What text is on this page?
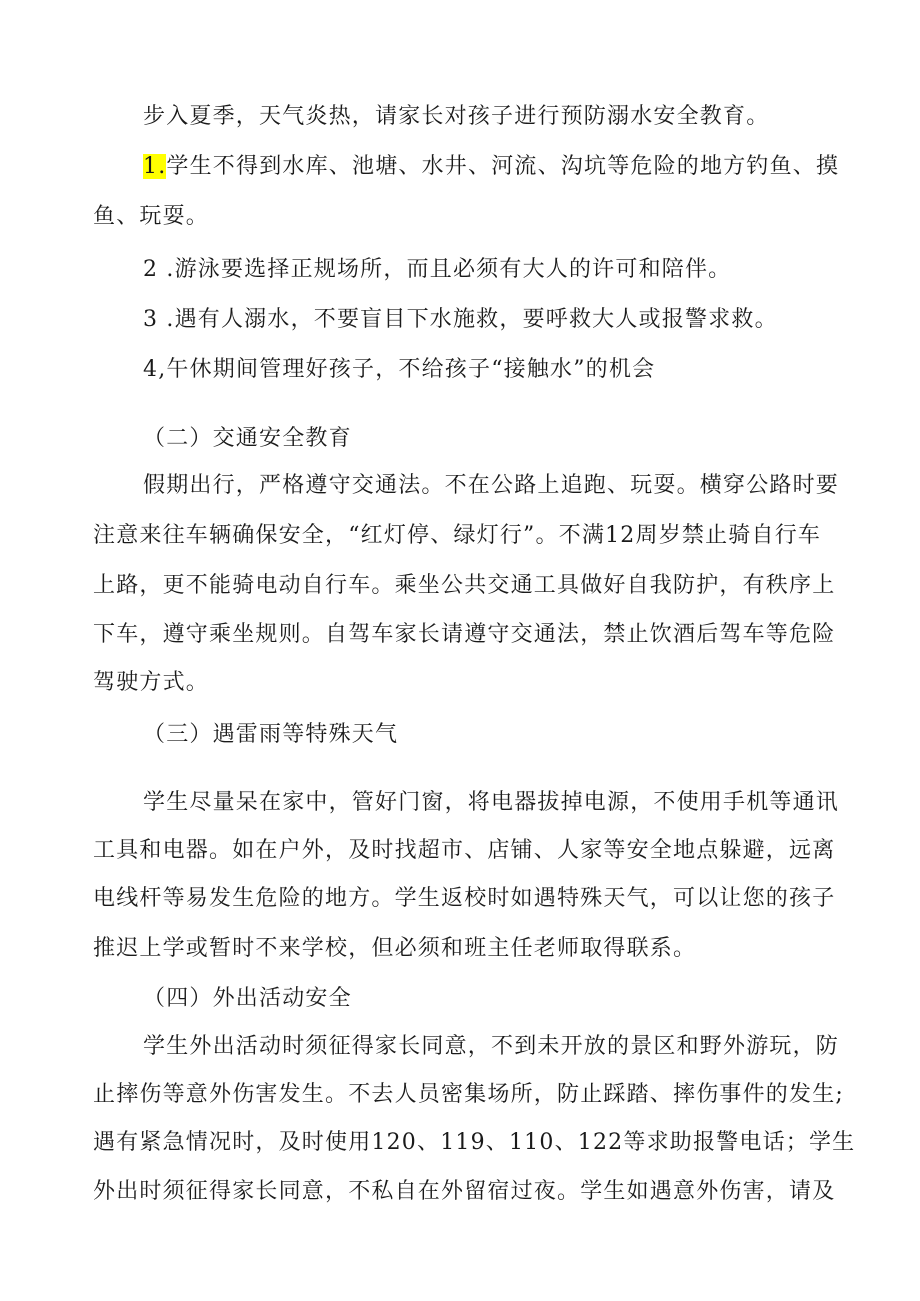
步入夏季，天气炎热，请家长对孩子进行预防溺水安全教育。
1.学生不得到水库、池塘、水井、河流、沟坑等危险的地方钓鱼、摸
鱼、玩耍。
2 .游泳要选择正规场所，而且必须有大人的许可和陪伴。
3 .遇有人溺水，不要盲目下水施救，要呼救大人或报警求救。
4,午休期间管理好孩子，不给孩子“接触水”的机会
（二）交通安全教育
假期出行，严格遵守交通法。不在公路上追跑、玩耍。横穿公路时要
注意来往车辆确保安全，“红灯停、绿灯行”。不满12周岁禁止骑自行车
上路，更不能骑电动自行车。乘坐公共交通工具做好自我防护，有秩序上
下车，遵守乘坐规则。自驾车家长请遵守交通法，禁止饮酒后驾车等危险
驾驶方式。
（三）遇雷雨等特殊天气
学生尽量呆在家中，管好门窗，将电器拔掉电源，不使用手机等通讯
工具和电器。如在户外，及时找超市、店铺、人家等安全地点躲避，远离
电线杆等易发生危险的地方。学生返校时如遇特殊天气，可以让您的孩子
推迟上学或暂时不来学校，但必须和班主任老师取得联系。
（四）外出活动安全
学生外出活动时须征得家长同意，不到未开放的景区和野外游玩，防
止摔伤等意外伤害发生。不去人员密集场所，防止踩踏、摔伤事件的发生;
遇有紧急情况时，及时使用120、119、110、122等求助报警电话；学生
外出时须征得家长同意，不私自在外留宿过夜。学生如遇意外伤害，请及
